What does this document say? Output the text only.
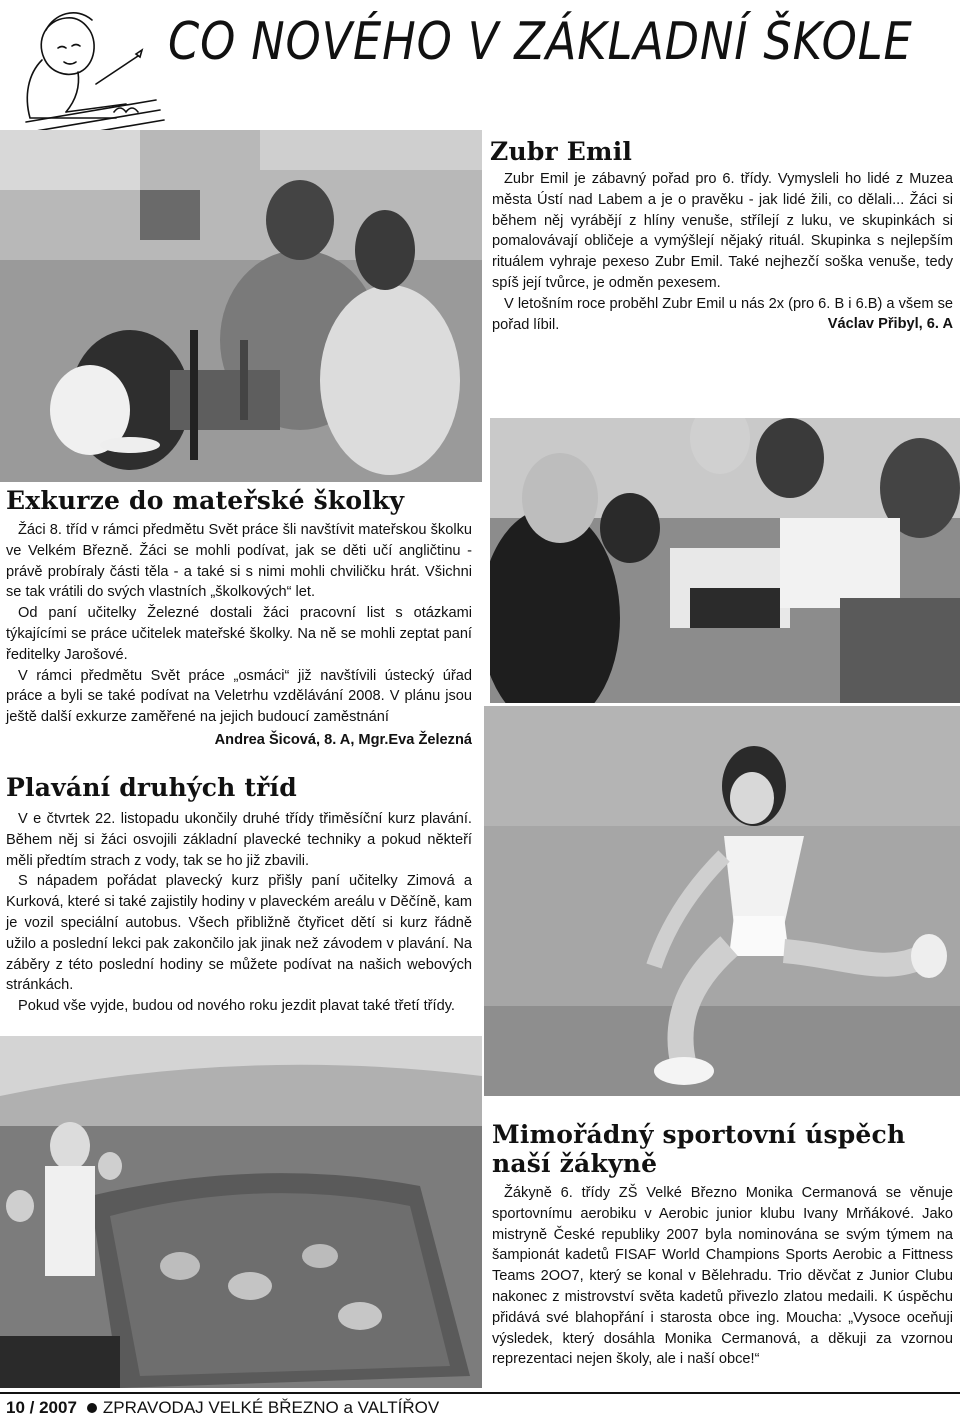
CO NOVÉHO V ZÁKLADNÍ ŠKOLE
Zubr Emil

Zubr Emil je zábavný pořad pro 6. třídy. Vymysleli ho lidé z Muzea města Ústí nad Labem a je o pravěku - jak lidé žili, co dělali... Žáci si během něj vyrábějí z hlíny venuše, střílejí z luku, ve skupinkách si pomalovávají obličeje a vymýšlejí nějaký rituál. Skupinka s nejlepším rituálem vyhraje pexeso Zubr Emil. Také nejhezčí soška venuše, tedy spíš její tvůrce, je odměn pexesem.

V letošním roce proběhl Zubr Emil u nás 2x (pro 6. B i 6.B) a všem se pořad líbil.	Václav Přibyl, 6. A

Exkurze do mateřské školky

Žáci 8. tříd v rámci předmětu Svět práce šli navštívit mateřskou školku ve Velkém Březně. Žáci se mohli podívat, jak se děti učí angličtinu - právě probíraly části těla - a také si s nimi mohli chviličku hrát. Všichni se tak vrátili do svých vlastních „školkových“ let.

Od paní učitelky Železné dostali žáci pracovní list s otázkami týkajícími se práce učitelek mateřské školky. Na ně se mohli zeptat paní ředitelky Jarošové.

V rámci předmětu Svět práce „osmáci“ již navštívili ústecký úřad práce a byli se také podívat na Veletrhu vzdělávání 2008. V plánu jsou ještě další exkurze zaměřené na jejich budoucí zaměstnání

Andrea Šicová, 8. A, Mgr.Eva Železná

Plavání druhých tříd

V e čtvrtek 22. listopadu ukončily druhé třídy třiměsíční kurz plavání. Během něj si žáci osvojili základní plavecké techniky a pokud někteří měli předtím strach z vody, tak se ho již zbavili.

S nápadem pořádat plavecký kurz přišly paní učitelky Zimová a Kurková, které si také zajistily hodiny v plaveckém areálu v Děčíně, kam je vozil speciální autobus. Všech přibližně čtyřicet dětí si kurz řádně užilo a poslední lekci pak zakončilo jak jinak než závodem v plavání. Na záběry z této poslední hodiny se můžete podívat na našich webových stránkách.

Pokud vše vyjde, budou od nového roku jezdit plavat také třetí třídy.

Mimořádný sportovní úspěch
naší žákyně

Žákyně 6. třídy ZŠ Velké Březno Monika Cermanová se věnuje sportovnímu aerobiku v Aerobic junior klubu Ivany Mrňákové. Jako mistryně České republiky 2007 byla nominována se svým týmem na šampionát kadetů FISAF World Champions Sports Aerobic a Fittness Teams 2OO7, který se konal v Bělehradu. Trio děvčat z Junior Clubu nakonec z mistrovství světa kadetů přivezlo zlatou medaili. K úspěchu přidává své blahopřání i starosta obce ing. Moucha: „Vysoce oceňuji výsledek, který dosáhla Monika Cermanová, a děkuji za vzornou reprezentaci nejen školy, ale i naší obce!“

10 / 2007 ZPRAVODAJ VELKÉ BŘEZNO a VALTÍŘOV
